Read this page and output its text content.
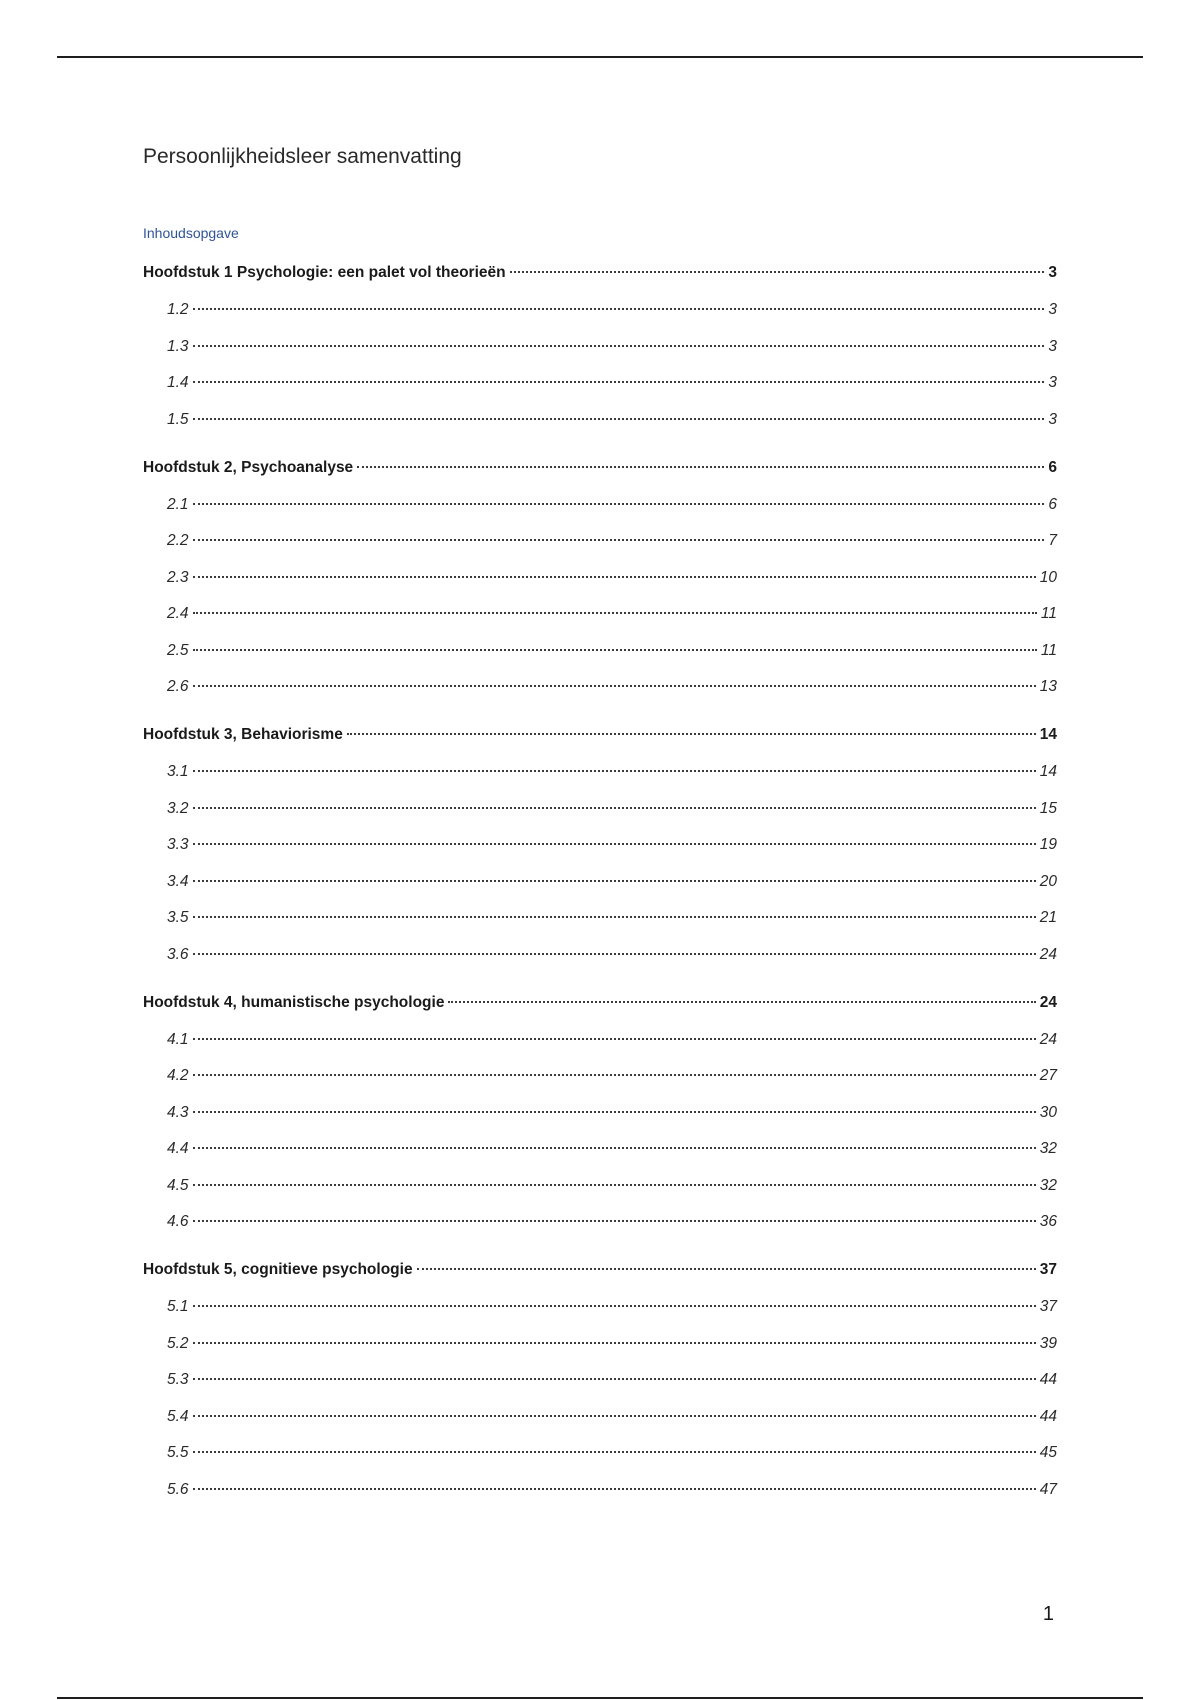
Persoonlijkheidsleer samenvatting
Inhoudsopgave
Hoofdstuk 1 Psychologie: een palet vol theorieën	3
1.2	3
1.3	3
1.4	3
1.5	3
Hoofdstuk 2, Psychoanalyse	6
2.1	6
2.2	7
2.3	10
2.4	11
2.5	11
2.6	13
Hoofdstuk 3, Behaviorisme	14
3.1	14
3.2	15
3.3	19
3.4	20
3.5	21
3.6	24
Hoofdstuk 4, humanistische psychologie	24
4.1	24
4.2	27
4.3	30
4.4	32
4.5	32
4.6	36
Hoofdstuk 5, cognitieve psychologie	37
5.1	37
5.2	39
5.3	44
5.4	44
5.5	45
5.6	47
1
